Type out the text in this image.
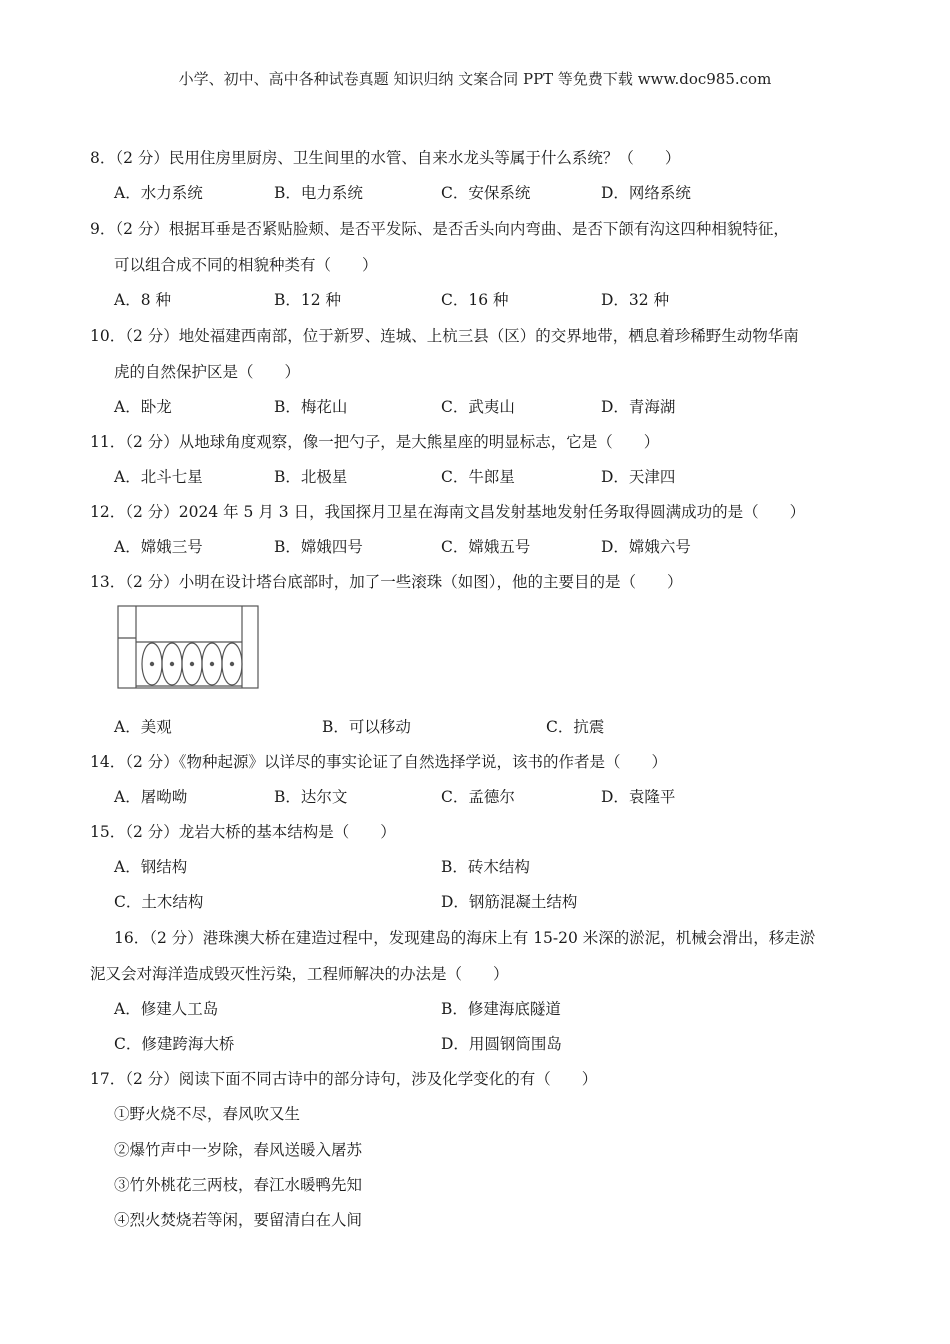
小学、初中、高中各种试卷真题 知识归纳 文案合同 PPT 等免费下载 www.doc985.com
8．（2 分）民用住房里厨房、卫生间里的水管、自来水龙头等属于什么系统？（　　）
A．水力系统	B．电力系统	C．安保系统	D．网络系统
9．（2 分）根据耳垂是否紧贴脸颊、是否平发际、是否舌头向内弯曲、是否下颌有沟这四种相貌特征，
可以组合成不同的相貌种类有（　　）
A．8 种	B．12 种	C．16 种	D．32 种
10．（2 分）地处福建西南部，位于新罗、连城、上杭三县（区）的交界地带，栖息着珍稀野生动物华南
虎的自然保护区是（　　）
A．卧龙	B．梅花山	C．武夷山	D．青海湖
11．（2 分）从地球角度观察，像一把勺子，是大熊星座的明显标志，它是（　　）
A．北斗七星	B．北极星	C．牛郎星	D．天津四
12．（2 分）2024 年 5 月 3 日，我国探月卫星在海南文昌发射基地发射任务取得圆满成功的是（　　）
A．嫦娥三号	B．嫦娥四号	C．嫦娥五号	D．嫦娥六号
13．（2 分）小明在设计塔台底部时，加了一些滚珠（如图），他的主要目的是（　　）
A．美观	B．可以移动	C．抗震
14．（2 分）《物种起源》以详尽的事实论证了自然选择学说，该书的作者是（　　）
A．屠呦呦	B．达尔文	C．孟德尔	D．袁隆平
15．（2 分）龙岩大桥的基本结构是（　　）
A．钢结构	B．砖木结构
C．土木结构	D．钢筋混凝土结构
16．（2 分）港珠澳大桥在建造过程中，发现建岛的海床上有 15-20 米深的淤泥，机械会滑出，移走淤
泥又会对海洋造成毁灭性污染，工程师解决的办法是（　　）
A．修建人工岛	B．修建海底隧道
C．修建跨海大桥	D．用圆钢筒围岛
17．（2 分）阅读下面不同古诗中的部分诗句，涉及化学变化的有（　　）
①野火烧不尽，春风吹又生
②爆竹声中一岁除，春风送暖入屠苏
③竹外桃花三两枝，春江水暖鸭先知
④烈火焚烧若等闲，要留清白在人间
